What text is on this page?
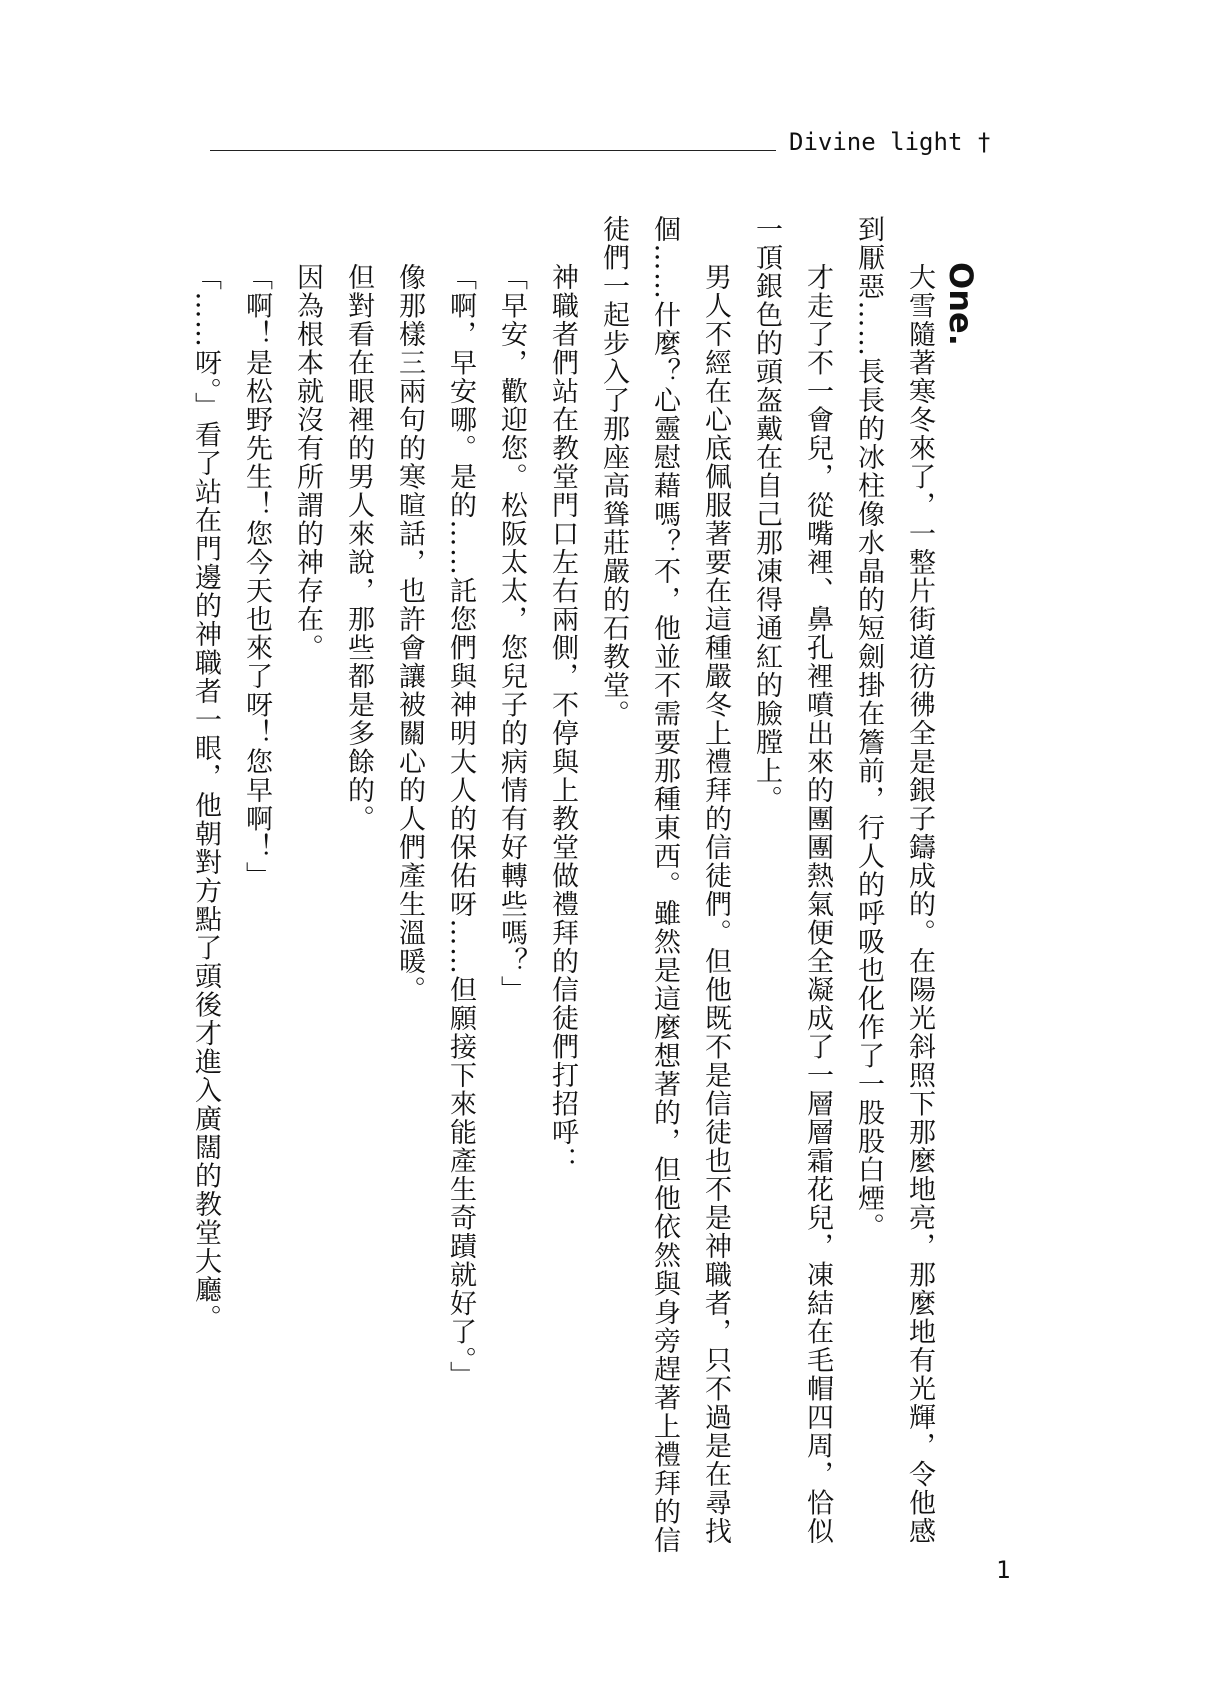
Divine light †
One.
大雪隨著寒冬來了，一整片街道彷彿全是銀子鑄成的。在陽光斜照下那麼地亮，那麼地有光輝，令他感
到厭惡……長長的冰柱像水晶的短劍掛在簷前，行人的呼吸也化作了一股股白煙。
才走了不一會兒，從嘴裡、鼻孔裡噴出來的團團熱氣便全凝成了一層層霜花兒，凍結在毛帽四周，恰似
一頂銀色的頭盔戴在自己那凍得通紅的臉膛上。
男人不經在心底佩服著要在這種嚴冬上禮拜的信徒們。但他既不是信徒也不是神職者，只不過是在尋找
個……什麼？心靈慰藉嗎？不，他並不需要那種東西。雖然是這麼想著的，但他依然與身旁趕著上禮拜的信
徒們一起步入了那座高聳莊嚴的石教堂。
神職者們站在教堂門口左右兩側，不停與上教堂做禮拜的信徒們打招呼：
「早安，歡迎您。松阪太太，您兒子的病情有好轉些嗎？」
「啊，早安哪。是的……託您們與神明大人的保佑呀……但願接下來能產生奇蹟就好了。」
像那樣三兩句的寒暄話，也許會讓被關心的人們產生溫暖。
但對看在眼裡的男人來說，那些都是多餘的。
因為根本就沒有所謂的神存在。
「啊！是松野先生！您今天也來了呀！您早啊！」
「……呀。」看了站在門邊的神職者一眼，他朝對方點了頭後才進入廣闊的教堂大廳。
1
